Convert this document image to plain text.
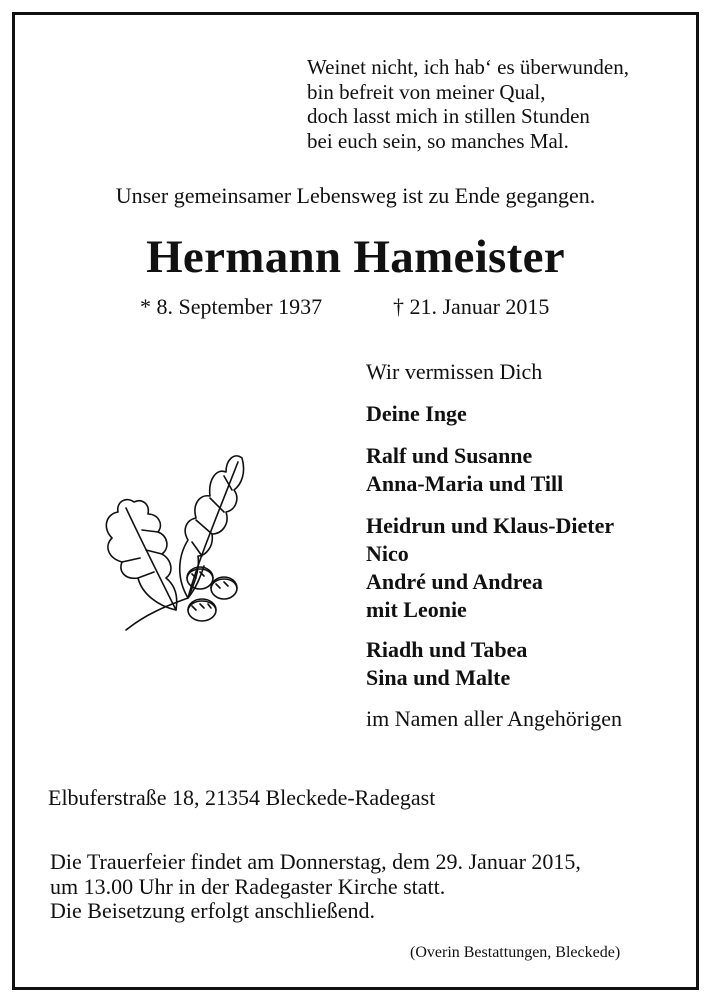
Weinet nicht, ich hab‘ es überwunden,
bin befreit von meiner Qual,
doch lasst mich in stillen Stunden
bei euch sein, so manches Mal.
Unser gemeinsamer Lebensweg ist zu Ende gegangen.
Hermann Hameister
* 8. September 1937	† 21. Januar 2015
Wir vermissen Dich
Deine Inge
Ralf und Susanne
Anna-Maria und Till
Heidrun und Klaus-Dieter
Nico
André und Andrea
mit Leonie
Riadh und Tabea
Sina und Malte
im Namen aller Angehörigen
Elbuferstraße 18, 21354 Bleckede-Radegast
Die Trauerfeier findet am Donnerstag, dem 29. Januar 2015,
um 13.00 Uhr in der Radegaster Kirche statt.
Die Beisetzung erfolgt anschließend.
(Overin Bestattungen, Bleckede)
